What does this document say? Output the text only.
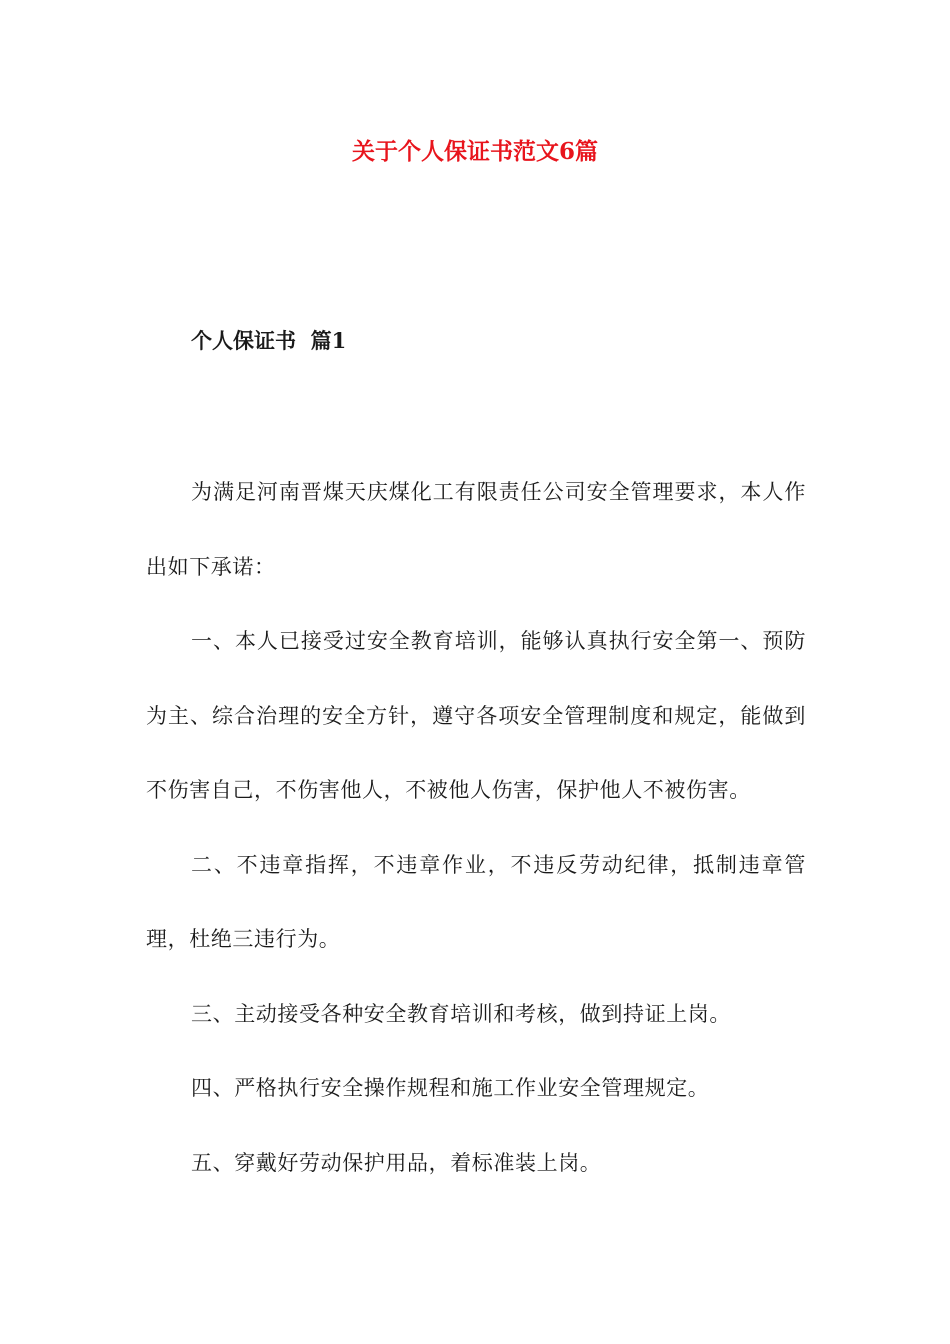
关于个人保证书范文6篇
个人保证书  篇1

为满足河南晋煤天庆煤化工有限责任公司安全管理要求，本人作出如下承诺：

一、本人已接受过安全教育培训，能够认真执行安全第一、预防为主、综合治理的安全方针，遵守各项安全管理制度和规定，能做到不伤害自己，不伤害他人，不被他人伤害，保护他人不被伤害。

二、不违章指挥，不违章作业，不违反劳动纪律，抵制违章管理，杜绝三违行为。

三、主动接受各种安全教育培训和考核，做到持证上岗。

四、严格执行安全操作规程和施工作业安全管理规定。

五、穿戴好劳动保护用品，着标准装上岗。
